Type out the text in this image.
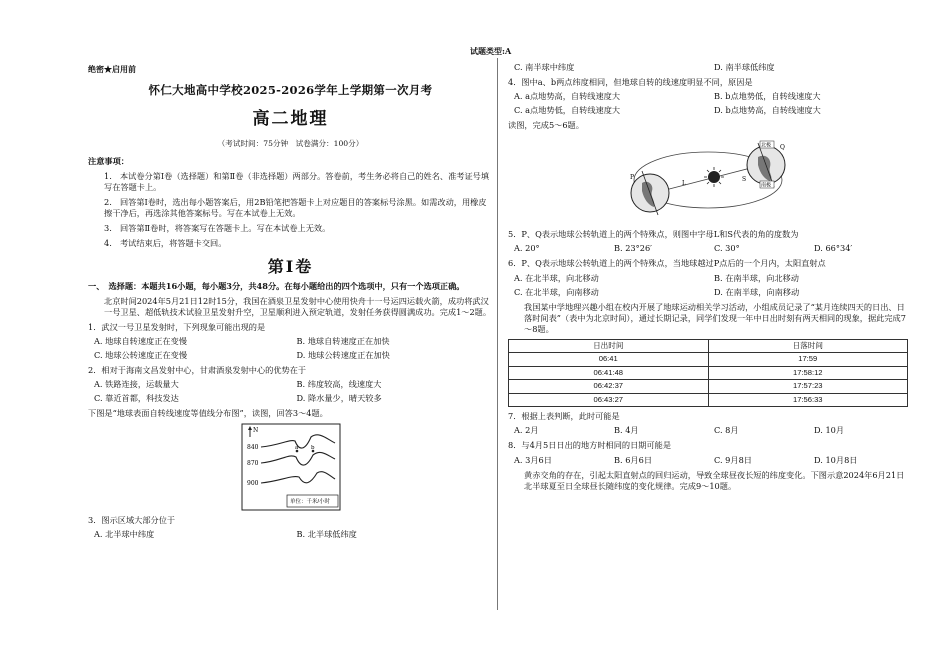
试题类型:A
绝密★启用前
怀仁大地高中学校2025-2026学年上学期第一次月考
高二地理
（考试时间：75分钟　试卷满分：100分）
注意事项：
1.　本试卷分第Ⅰ卷（选择题）和第Ⅱ卷（非选择题）两部分。答卷前，考生务必将自己的姓名、准考证号填写在答题卡上。
2.　回答第Ⅰ卷时，选出每小题答案后，用2B铅笔把答题卡上对应题目的答案标号涂黑。如需改动，用橡皮擦干净后，再选涂其他答案标号。写在本试卷上无效。
3.　回答第Ⅱ卷时，将答案写在答题卡上。写在本试卷上无效。
4.　考试结束后，将答题卡交回。
第Ⅰ卷
一、　选择题：本题共16小题，每小题3分，共48分。在每小题给出的四个选项中，只有一个选项正确。
北京时间2024年5月21日12时15分，我国在酒泉卫星发射中心使用快舟十一号运四运载火箭，成功将武汉一号卫星、超低轨技术试验卫星发射升空，卫星顺利进入预定轨道，发射任务获得圆满成功。完成1～2题。
1．武汉一号卫星发射时，下列现象可能出现的是
A. 地球自转速度正在变慢	B. 地球自转速度正在加快
C. 地球公转速度正在变慢	D. 地球公转速度正在加快
2．相对于海南文昌发射中心，甘肃酒泉发射中心的优势在于
A. 铁路连接，运载量大	B. 纬度较高，线速度大
C. 靠近首都，科技发达	D. 降水量少，晴天较多
下图是“地球表面自转线速度等值线分布图”，读图，回答3～4题。
N
840
870
900
a b
单位：千米/小时
3．图示区域大部分位于
A. 北半球中纬度	B. 北半球低纬度
C. 南半球中纬度	D. 南半球低纬度
4．图中a、b两点纬度相同，但地球自转的线速度明显不同，原因是
A. a点地势高，自转线速度大	B. b点地势低，自转线速度大
C. a点地势低，自转线速度大	D. b点地势高，自转线速度大
读图，完成5～6题。
北极
南极
P
Q
L
S
5．P、Q表示地球公转轨道上的两个特殊点，则图中字母L和S代表的角的度数为
A. 20°	B. 23°26′	C. 30°	D. 66°34′
6．P、Q表示地球公转轨道上的两个特殊点，当地球越过P点后的一个月内，太阳直射点
A. 在北半球，向北移动	B. 在南半球，向北移动
C. 在北半球，向南移动	D. 在南半球，向南移动
我国某中学地理兴趣小组在校内开展了地球运动相关学习活动，小组成员记录了“某月连续四天的日出、日落时间表”（表中为北京时间），通过长期记录，同学们发现一年中日出时刻有两天相同的现象，据此完成7～8题。
日出时间	日落时间
06:41	17:59
06:41:48	17:58:12
06:42:37	17:57:23
06:43:27	17:56:33
7．根据上表判断，此时可能是
A. 2月	B. 4月	C. 8月	D. 10月
8．与4月5日日出的地方时相同的日期可能是
A. 3月6日	B. 6月6日	C. 9月8日	D. 10月8日
黄赤交角的存在，引起太阳直射点的回归运动，导致全球昼夜长短的纬度变化。下图示意2024年6月21日北半球夏至日全球昼长随纬度的变化规律。完成9～10题。
